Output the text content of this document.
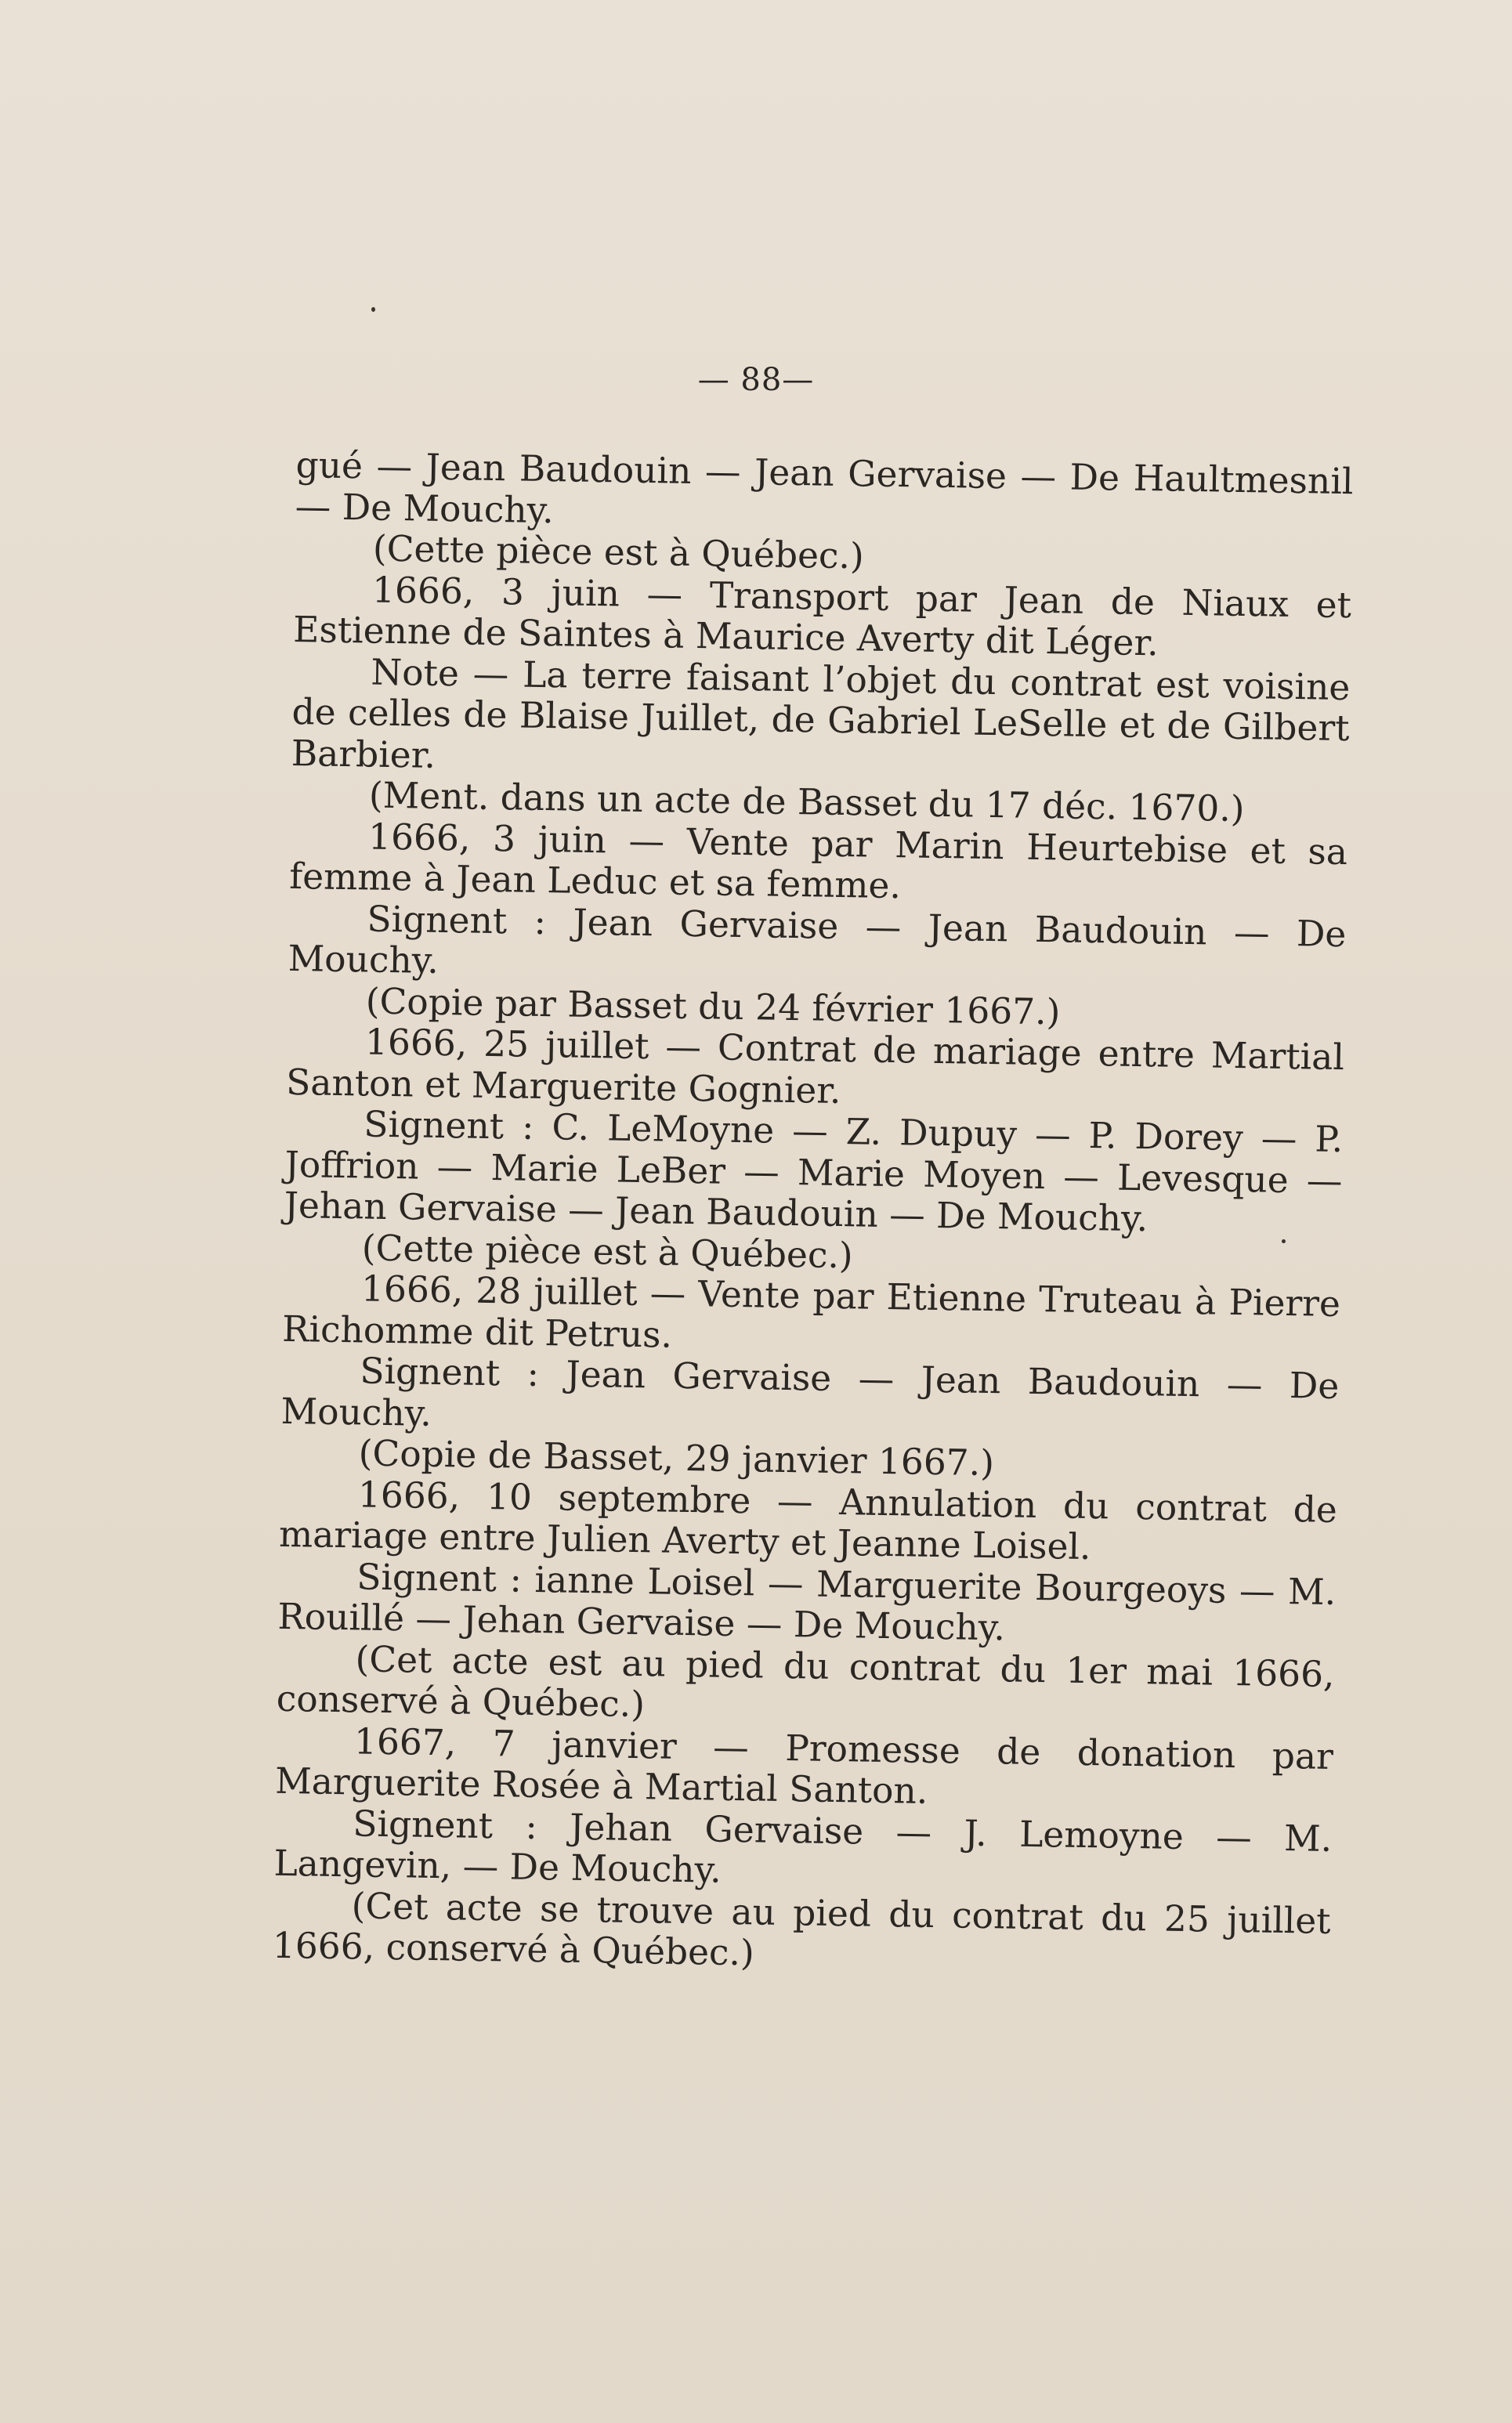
— 88—

gué — Jean Baudouin — Jean Gervaise — De Haultmesnil — De Mouchy.

(Cette pièce est à Québec.)

1666, 3 juin — Transport par Jean de Niaux et Estienne de Saintes à Maurice Averty dit Léger.

Note — La terre faisant l’objet du contrat est voisine de celles de Blaise Juillet, de Gabriel LeSelle et de Gilbert Barbier.

(Ment. dans un acte de Basset du 17 déc. 1670.)

1666, 3 juin — Vente par Marin Heurtebise et sa femme à Jean Leduc et sa femme.

Signent : Jean Gervaise — Jean Baudouin — De Mouchy.

(Copie par Basset du 24 février 1667.)

1666, 25 juillet — Contrat de mariage entre Martial Santon et Marguerite Gognier.

Signent : C. LeMoyne — Z. Dupuy — P. Dorey — P. Joffrion — Marie LeBer — Marie Moyen — Levesque — Jehan Gervaise — Jean Baudouin — De Mouchy.

(Cette pièce est à Québec.)

1666, 28 juillet — Vente par Etienne Truteau à Pierre Richomme dit Petrus.

Signent : Jean Gervaise — Jean Baudouin — De Mouchy.

(Copie de Basset, 29 janvier 1667.)

1666, 10 septembre — Annulation du contrat de mariage entre Julien Averty et Jeanne Loisel.

Signent : ianne Loisel — Marguerite Bourgeoys — M. Rouillé — Jehan Gervaise — De Mouchy.

(Cet acte est au pied du contrat du 1er mai 1666, conservé à Québec.)

1667, 7 janvier — Promesse de donation par Marguerite Rosée à Martial Santon.

Signent : Jehan Gervaise — J. Lemoyne — M. Langevin, — De Mouchy.

(Cet acte se trouve au pied du contrat du 25 juillet 1666, conservé à Québec.)
